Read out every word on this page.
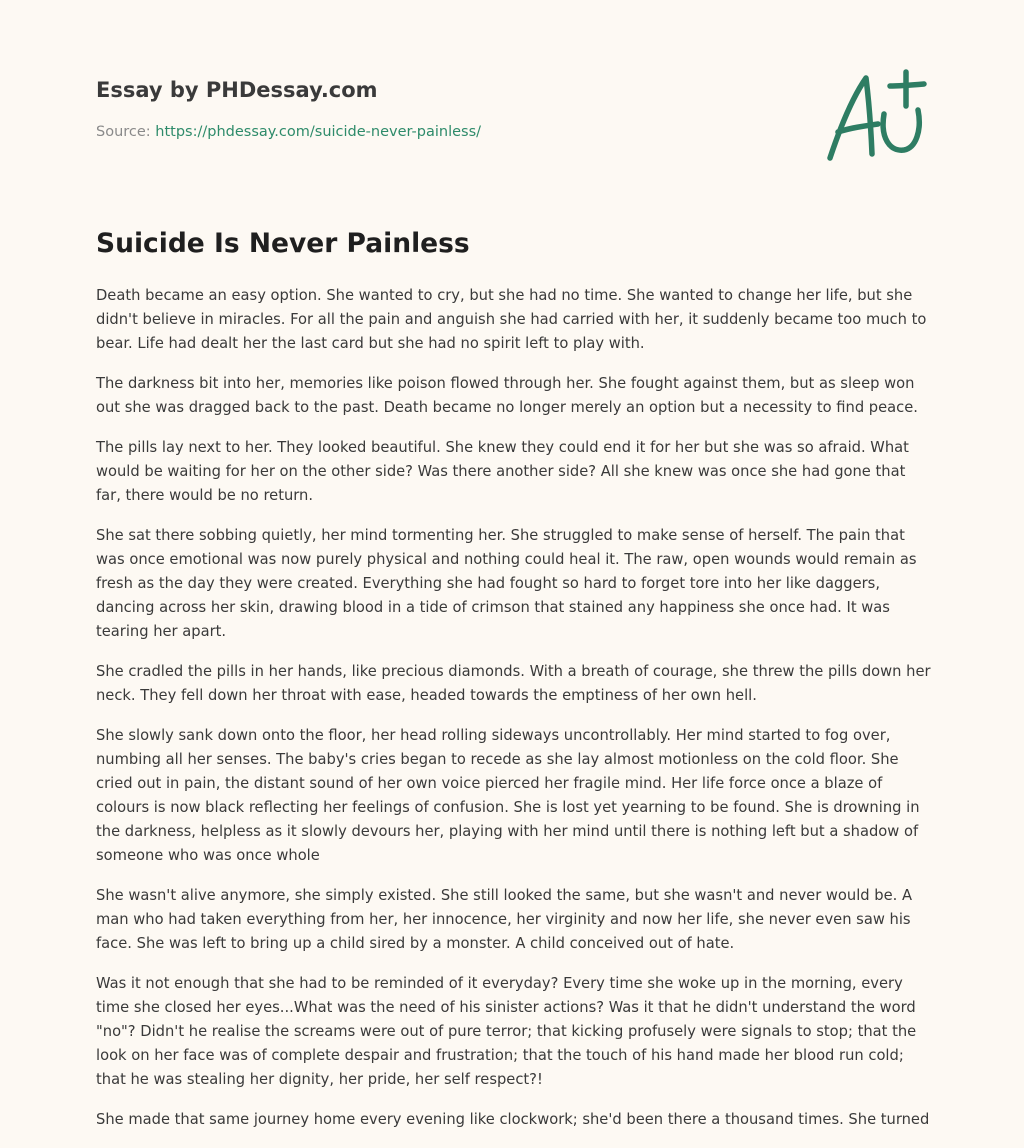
Essay by PHDessay.com
Source: https://phdessay.com/suicide-never-painless/
Suicide Is Never Painless

Death became an easy option. She wanted to cry, but she had no time. She wanted to change her life, but she didn't believe in miracles. For all the pain and anguish she had carried with her, it suddenly became too much to bear. Life had dealt her the last card but she had no spirit left to play with.

The darkness bit into her, memories like poison flowed through her. She fought against them, but as sleep won out she was dragged back to the past. Death became no longer merely an option but a necessity to find peace.

The pills lay next to her. They looked beautiful. She knew they could end it for her but she was so afraid. What would be waiting for her on the other side? Was there another side? All she knew was once she had gone that far, there would be no return.

She sat there sobbing quietly, her mind tormenting her. She struggled to make sense of herself. The pain that was once emotional was now purely physical and nothing could heal it. The raw, open wounds would remain as fresh as the day they were created. Everything she had fought so hard to forget tore into her like daggers, dancing across her skin, drawing blood in a tide of crimson that stained any happiness she once had. It was tearing her apart.

She cradled the pills in her hands, like precious diamonds. With a breath of courage, she threw the pills down her neck. They fell down her throat with ease, headed towards the emptiness of her own hell.

She slowly sank down onto the floor, her head rolling sideways uncontrollably. Her mind started to fog over, numbing all her senses. The baby's cries began to recede as she lay almost motionless on the cold floor. She cried out in pain, the distant sound of her own voice pierced her fragile mind. Her life force once a blaze of colours is now black reflecting her feelings of confusion. She is lost yet yearning to be found. She is drowning in the darkness, helpless as it slowly devours her, playing with her mind until there is nothing left but a shadow of someone who was once whole

She wasn't alive anymore, she simply existed. She still looked the same, but she wasn't and never would be. A man who had taken everything from her, her innocence, her virginity and now her life, she never even saw his face. She was left to bring up a child sired by a monster. A child conceived out of hate.

Was it not enough that she had to be reminded of it everyday? Every time she woke up in the morning, every time she closed her eyes...What was the need of his sinister actions? Was it that he didn't understand the word "no"? Didn't he realise the screams were out of pure terror; that kicking profusely were signals to stop; that the look on her face was of complete despair and frustration; that the touch of his hand made her blood run cold; that he was stealing her dignity, her pride, her self respect?!

She made that same journey home every evening like clockwork; she'd been there a thousand times. She turned
